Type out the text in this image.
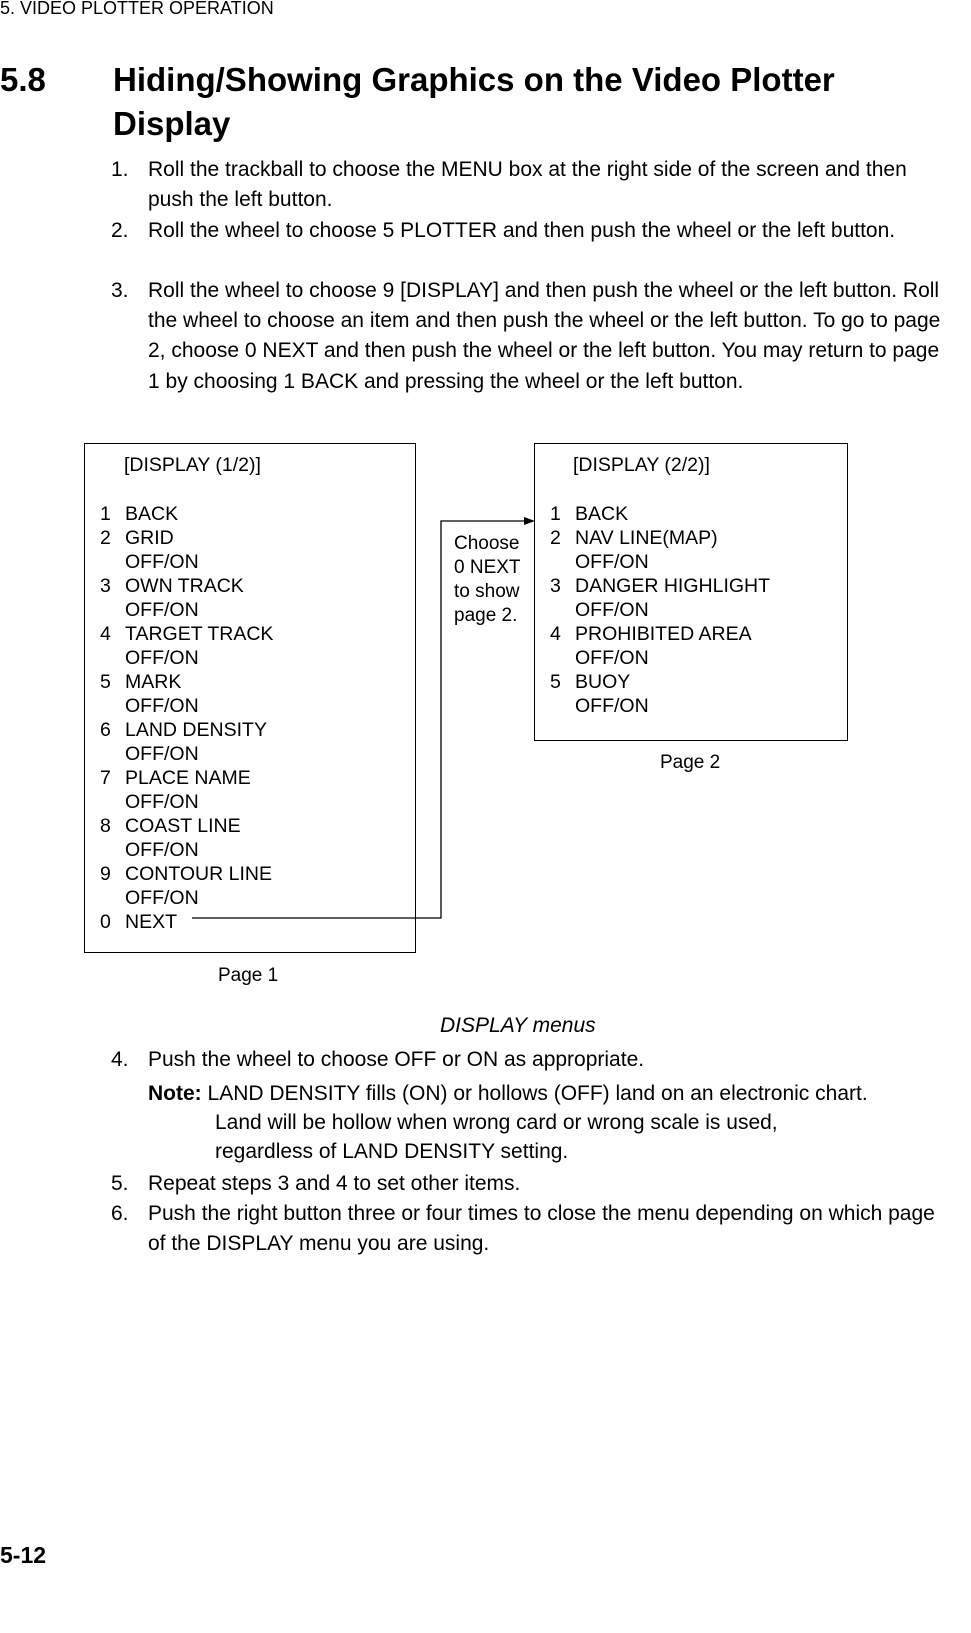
5. VIDEO PLOTTER OPERATION
5.8 Hiding/Showing Graphics on the Video Plotter Display
1. Roll the trackball to choose the MENU box at the right side of the screen and then push the left button.
2. Roll the wheel to choose 5 PLOTTER and then push the wheel or the left button.
3. Roll the wheel to choose 9 [DISPLAY] and then push the wheel or the left button. Roll the wheel to choose an item and then push the wheel or the left button. To go to page 2, choose 0 NEXT and then push the wheel or the left button. You may return to page 1 by choosing 1 BACK and pressing the wheel or the left button.
[DISPLAY (1/2)]
1 BACK
2 GRID
OFF/ON
3 OWN TRACK
OFF/ON
4 TARGET TRACK
OFF/ON
5 MARK
OFF/ON
6 LAND DENSITY
OFF/ON
7 PLACE NAME
OFF/ON
8 COAST LINE
OFF/ON
9 CONTOUR LINE
OFF/ON
0 NEXT
Page 1
Choose
0 NEXT
to show
page 2.
[DISPLAY (2/2)]
1 BACK
2 NAV LINE(MAP)
OFF/ON
3 DANGER HIGHLIGHT
OFF/ON
4 PROHIBITED AREA
OFF/ON
5 BUOY
OFF/ON
Page 2
DISPLAY menus
4. Push the wheel to choose OFF or ON as appropriate.
Note: LAND DENSITY fills (ON) or hollows (OFF) land on an electronic chart.
Land will be hollow when wrong card or wrong scale is used,
regardless of LAND DENSITY setting.
5. Repeat steps 3 and 4 to set other items.
6. Push the right button three or four times to close the menu depending on which page of the DISPLAY menu you are using.
5-12
